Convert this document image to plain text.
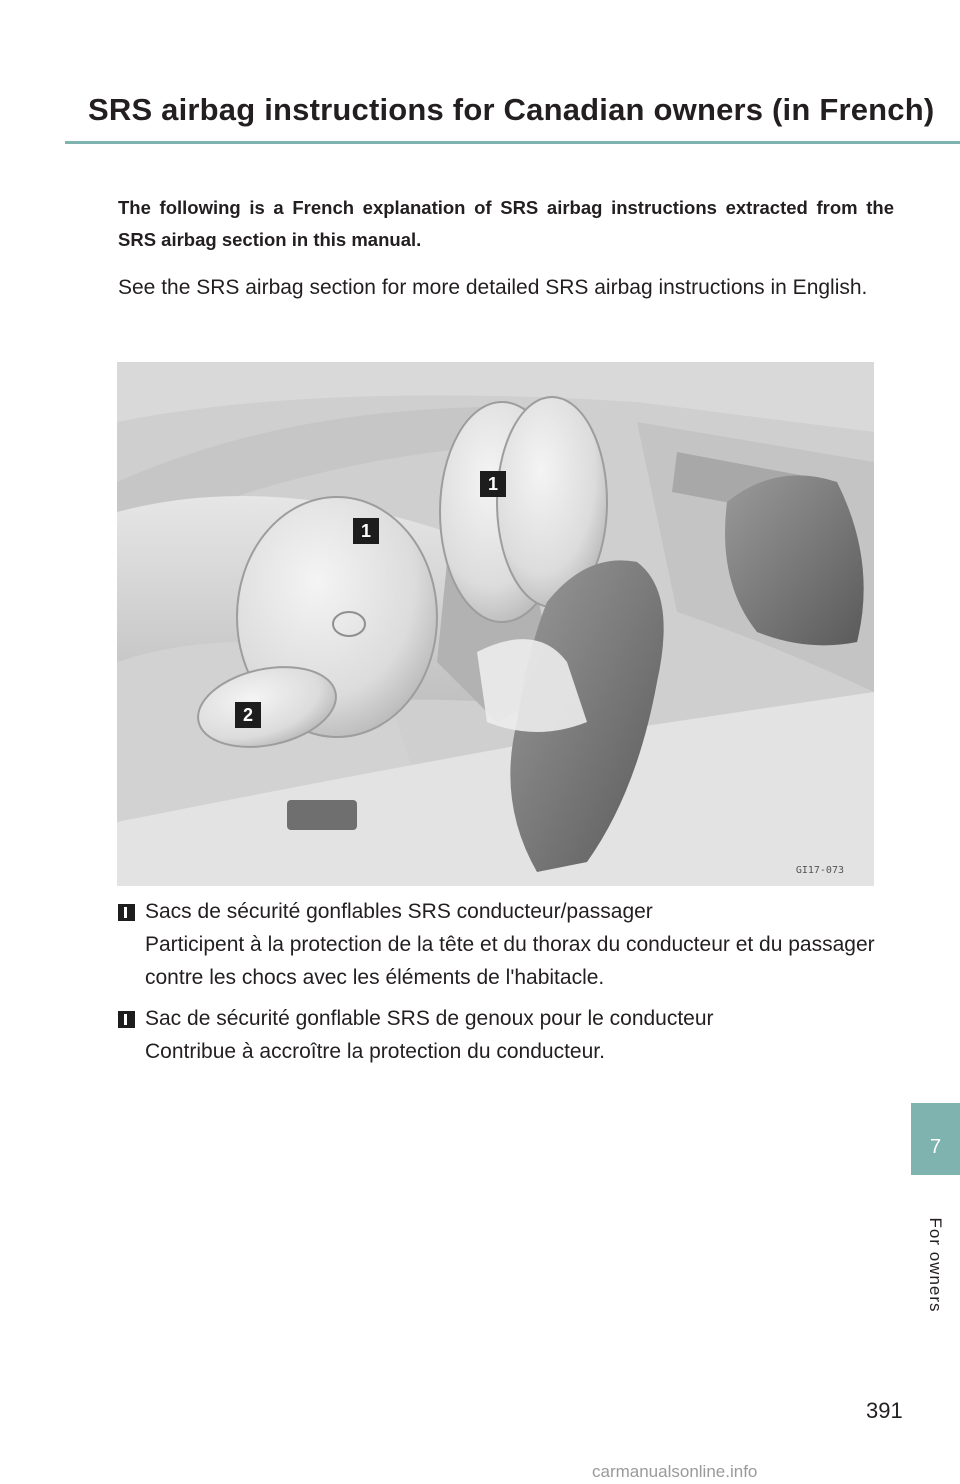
SRS airbag instructions for Canadian owners (in French)

The following is a French explanation of SRS airbag instructions extracted from the SRS airbag section in this manual.

See the SRS airbag section for more detailed SRS airbag instructions in English.

1
1
2
GI17-073
Sacs de sécurité gonflables SRS conducteur/passager
Participent à la protection de la tête et du thorax du conducteur et du passager contre les chocs avec les éléments de l'habitacle.
Sac de sécurité gonflable SRS de genoux pour le conducteur
Contribue à accroître la protection du conducteur.
7
For owners
391
carmanualsonline.info
